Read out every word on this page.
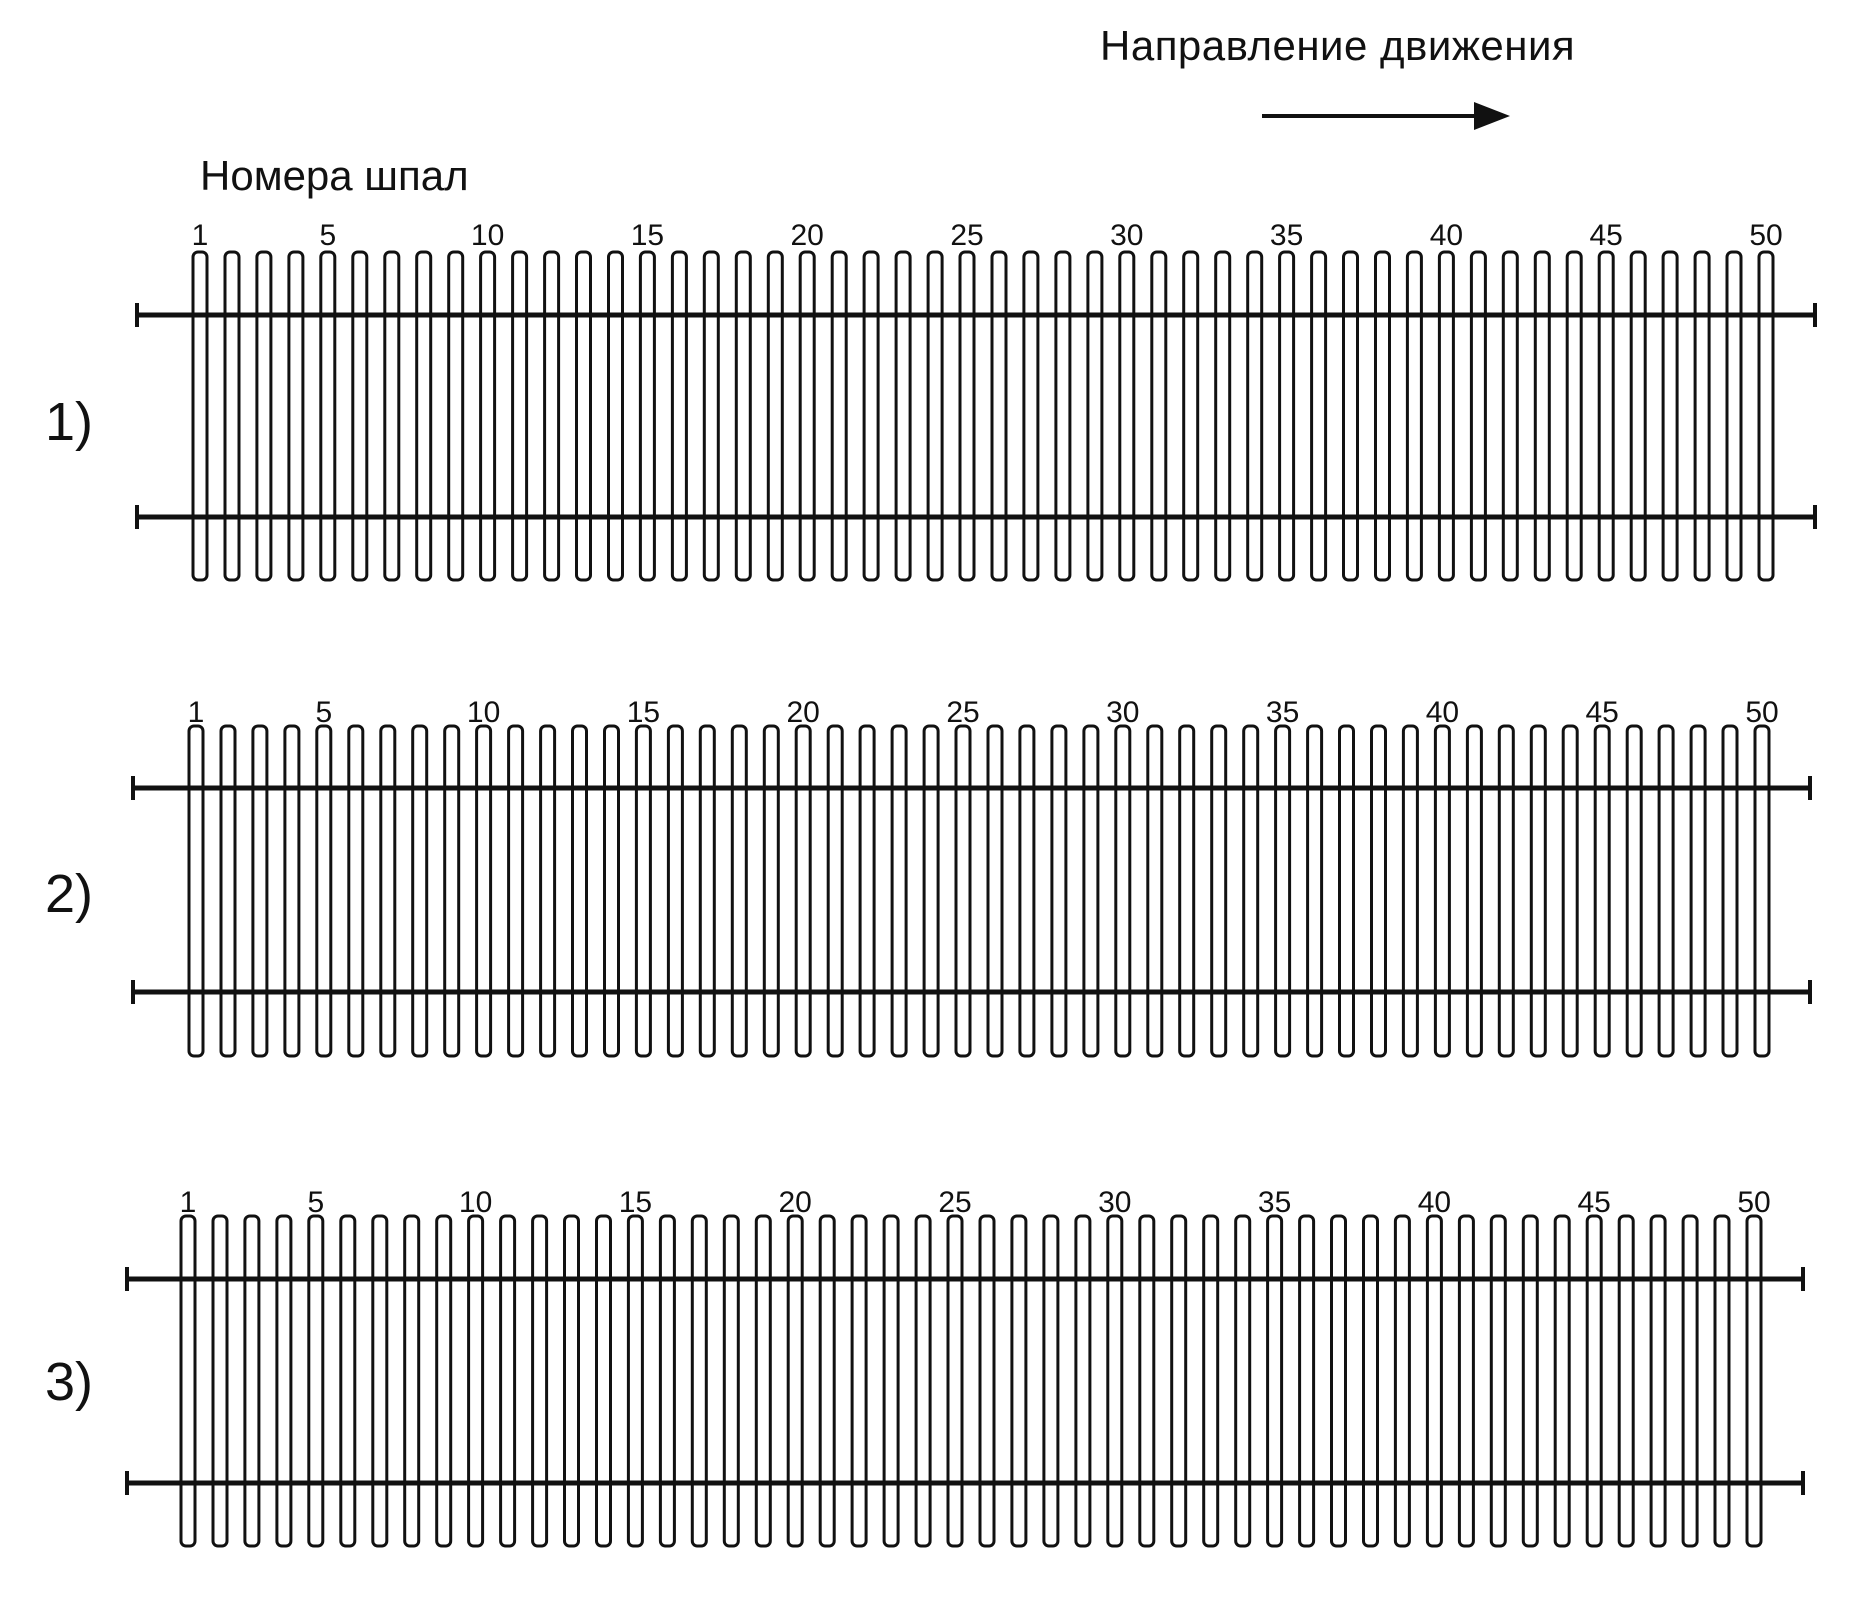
Направление движения
Номера шпал
1	5	10	15	20	25	30	35	40	45	50
1)
1	5	10	15	20	25	30	35	40	45	50
2)
1	5	10	15	20	25	30	35	40	45	50
3)
